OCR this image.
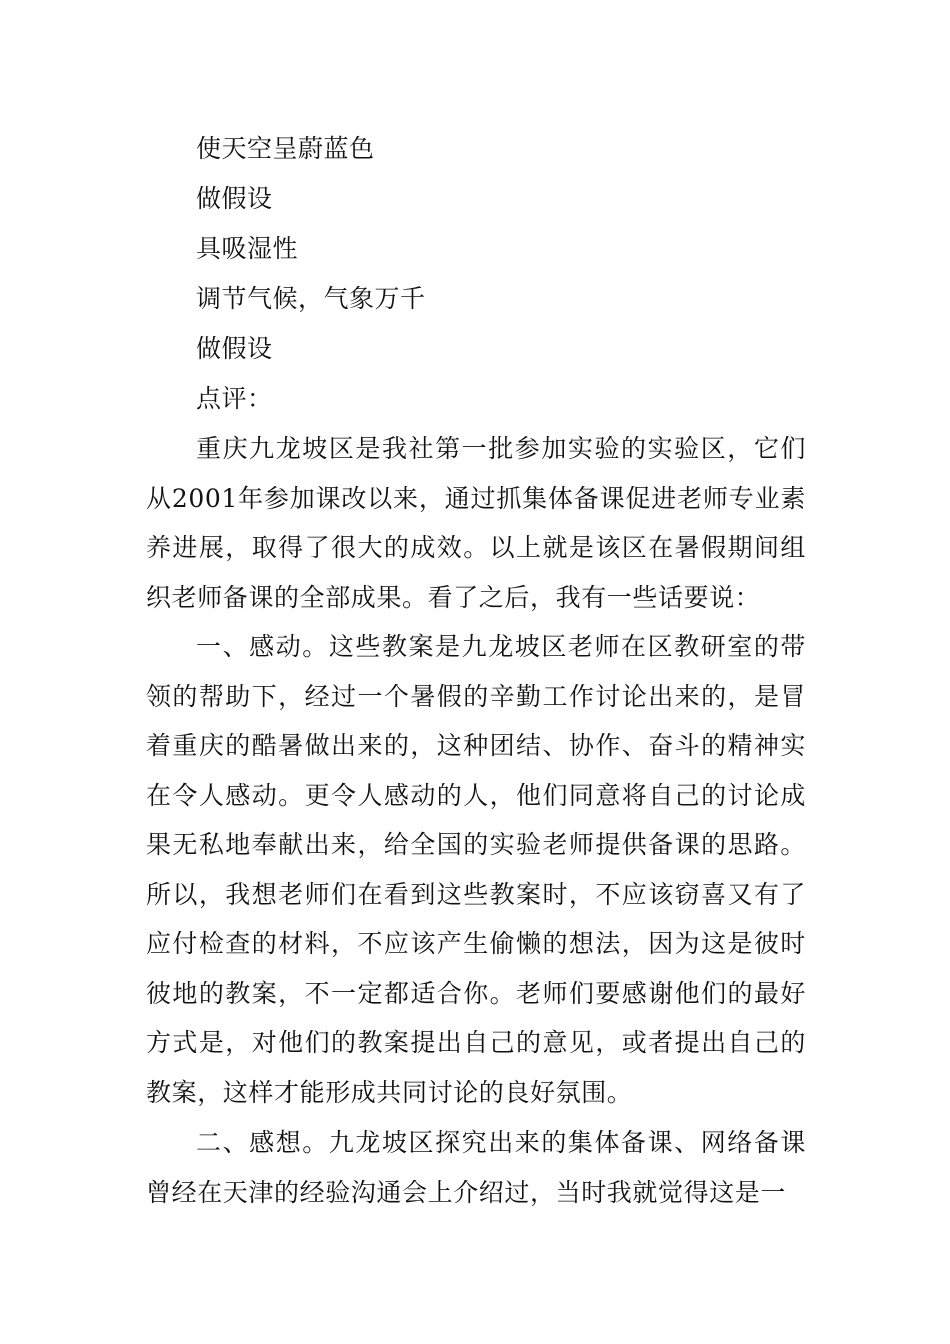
使天空呈蔚蓝色
做假设
具吸湿性
调节气候，气象万千
做假设
点评：

重庆九龙坡区是我社第一批参加实验的实验区，它们从2001年参加课改以来，通过抓集体备课促进老师专业素养进展，取得了很大的成效。以上就是该区在暑假期间组织老师备课的全部成果。看了之后，我有一些话要说：

一、感动。这些教案是九龙坡区老师在区教研室的带领的帮助下，经过一个暑假的辛勤工作讨论出来的，是冒着重庆的酷暑做出来的，这种团结、协作、奋斗的精神实在令人感动。更令人感动的人，他们同意将自己的讨论成果无私地奉献出来，给全国的实验老师提供备课的思路。所以，我想老师们在看到这些教案时，不应该窃喜又有了应付检查的材料，不应该产生偷懒的想法，因为这是彼时彼地的教案，不一定都适合你。老师们要感谢他们的最好方式是，对他们的教案提出自己的意见，或者提出自己的教案，这样才能形成共同讨论的良好氛围。

二、感想。九龙坡区探究出来的集体备课、网络备课曾经在天津的经验沟通会上介绍过，当时我就觉得这是一
